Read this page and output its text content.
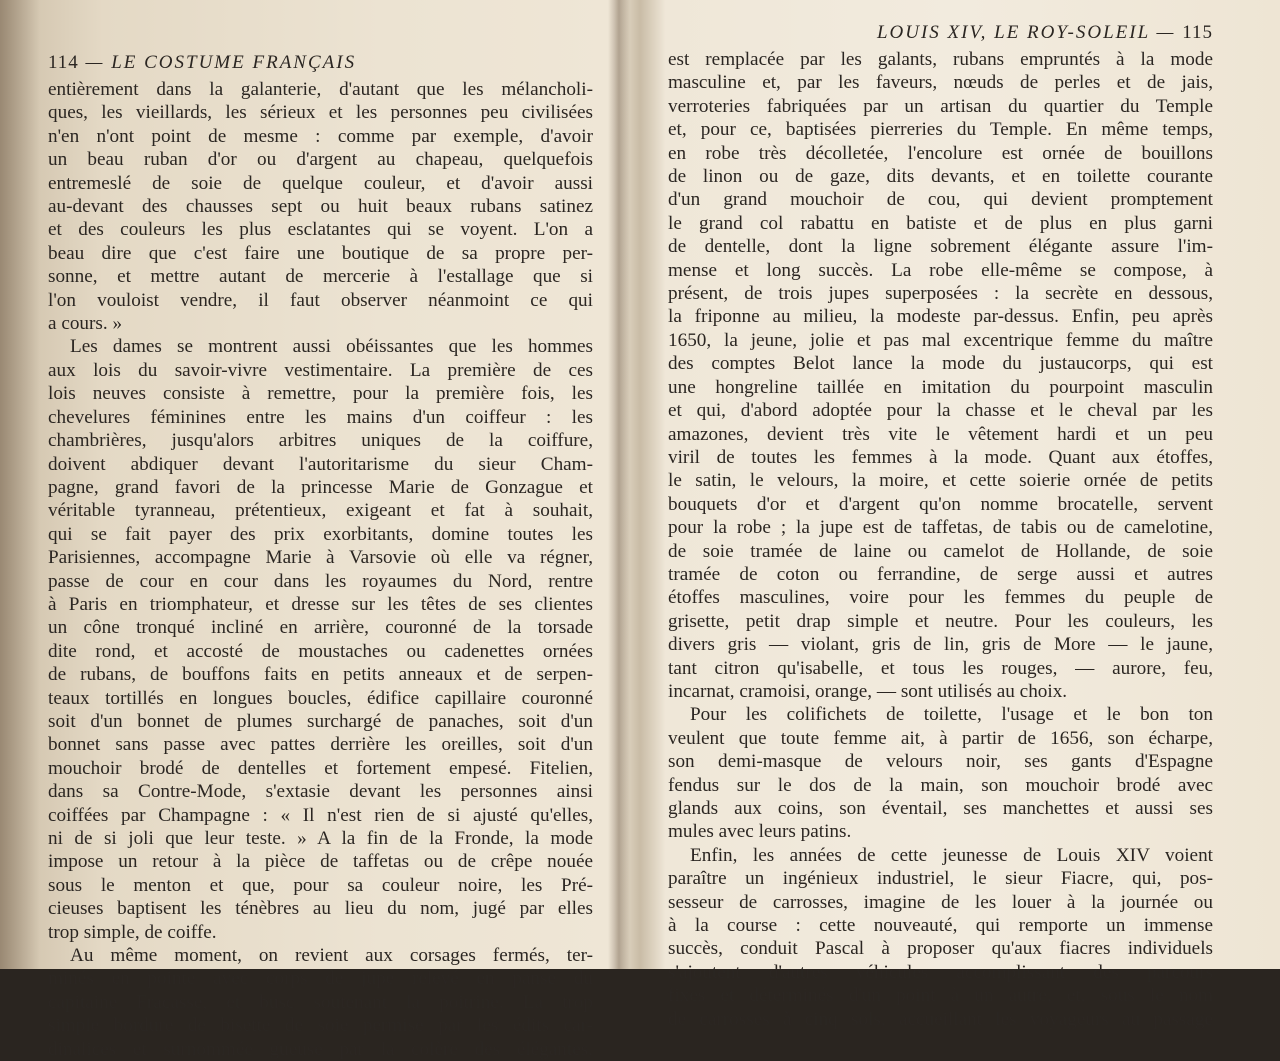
114 — LE COSTUME FRANÇAIS
entièrement dans la galanterie, d'autant que les mélancholi-
ques, les vieillards, les sérieux et les personnes peu civilisées
n'en n'ont point de mesme : comme par exemple, d'avoir
un beau ruban d'or ou d'argent au chapeau, quelquefois
entremeslé de soie de quelque couleur, et d'avoir aussi
au-devant des chausses sept ou huit beaux rubans satinez
et des couleurs les plus esclatantes qui se voyent. L'on a
beau dire que c'est faire une boutique de sa propre per-
sonne, et mettre autant de mercerie à l'estallage que si
l'on vouloist vendre, il faut observer néanmoint ce qui
a cours. »
Les dames se montrent aussi obéissantes que les hommes
aux lois du savoir-vivre vestimentaire. La première de ces
lois neuves consiste à remettre, pour la première fois, les
chevelures féminines entre les mains d'un coiffeur : les
chambrières, jusqu'alors arbitres uniques de la coiffure,
doivent abdiquer devant l'autoritarisme du sieur Cham-
pagne, grand favori de la princesse Marie de Gonzague et
véritable tyranneau, prétentieux, exigeant et fat à souhait,
qui se fait payer des prix exorbitants, domine toutes les
Parisiennes, accompagne Marie à Varsovie où elle va régner,
passe de cour en cour dans les royaumes du Nord, rentre
à Paris en triomphateur, et dresse sur les têtes de ses clientes
un cône tronqué incliné en arrière, couronné de la torsade
dite rond, et accosté de moustaches ou cadenettes ornées
de rubans, de bouffons faits en petits anneaux et de serpen-
teaux tortillés en longues boucles, édifice capillaire couronné
soit d'un bonnet de plumes surchargé de panaches, soit d'un
bonnet sans passe avec pattes derrière les oreilles, soit d'un
mouchoir brodé de dentelles et fortement empesé. Fitelien,
dans sa Contre-Mode, s'extasie devant les personnes ainsi
coiffées par Champagne : « Il n'est rien de si ajusté qu'elles,
ni de si joli que leur teste. » A la fin de la Fronde, la mode
impose un retour à la pièce de taffetas ou de crêpe nouée
sous le menton et que, pour sa couleur noire, les Pré-
cieuses baptisent les ténèbres au lieu du nom, jugé par elles
trop simple, de coiffe.
Au même moment, on revient aux corsages fermés, ter-
minés en pointe avec corps de jupe relevé en panse du
capitaine Fracasse, et busc soutenant la poitrine. La trop
simple bordure de bisette de soie permise par les édits car-
dinalices et surnommée gueuse par la colère des élégantes,
LOUIS XIV, LE ROY-SOLEIL — 115
est remplacée par les galants, rubans empruntés à la mode
masculine et, par les faveurs, nœuds de perles et de jais,
verroteries fabriquées par un artisan du quartier du Temple
et, pour ce, baptisées pierreries du Temple. En même temps,
en robe très décolletée, l'encolure est ornée de bouillons
de linon ou de gaze, dits devants, et en toilette courante
d'un grand mouchoir de cou, qui devient promptement
le grand col rabattu en batiste et de plus en plus garni
de dentelle, dont la ligne sobrement élégante assure l'im-
mense et long succès. La robe elle-même se compose, à
présent, de trois jupes superposées : la secrète en dessous,
la friponne au milieu, la modeste par-dessus. Enfin, peu après
1650, la jeune, jolie et pas mal excentrique femme du maître
des comptes Belot lance la mode du justaucorps, qui est
une hongreline taillée en imitation du pourpoint masculin
et qui, d'abord adoptée pour la chasse et le cheval par les
amazones, devient très vite le vêtement hardi et un peu
viril de toutes les femmes à la mode. Quant aux étoffes,
le satin, le velours, la moire, et cette soierie ornée de petits
bouquets d'or et d'argent qu'on nomme brocatelle, servent
pour la robe ; la jupe est de taffetas, de tabis ou de camelotine,
de soie tramée de laine ou camelot de Hollande, de soie
tramée de coton ou ferrandine, de serge aussi et autres
étoffes masculines, voire pour les femmes du peuple de
grisette, petit drap simple et neutre. Pour les couleurs, les
divers gris — violant, gris de lin, gris de More — le jaune,
tant citron qu'isabelle, et tous les rouges, — aurore, feu,
incarnat, cramoisi, orange, — sont utilisés au choix.
Pour les colifichets de toilette, l'usage et le bon ton
veulent que toute femme ait, à partir de 1656, son écharpe,
son demi-masque de velours noir, ses gants d'Espagne
fendus sur le dos de la main, son mouchoir brodé avec
glands aux coins, son éventail, ses manchettes et aussi ses
mules avec leurs patins.
Enfin, les années de cette jeunesse de Louis XIV voient
paraître un ingénieux industriel, le sieur Fiacre, qui, pos-
sesseur de carrosses, imagine de les louer à la journée ou
à la course : cette nouveauté, qui remporte un immense
succès, conduit Pascal à proposer qu'aux fiacres individuels
s'ajoutent d'autres véhicules accomplissant des parcours
fixes et déterminés d'un point à un autre, et, sous le nom
de carrosses à cinq sols, accueillant les voyageurs au passage
